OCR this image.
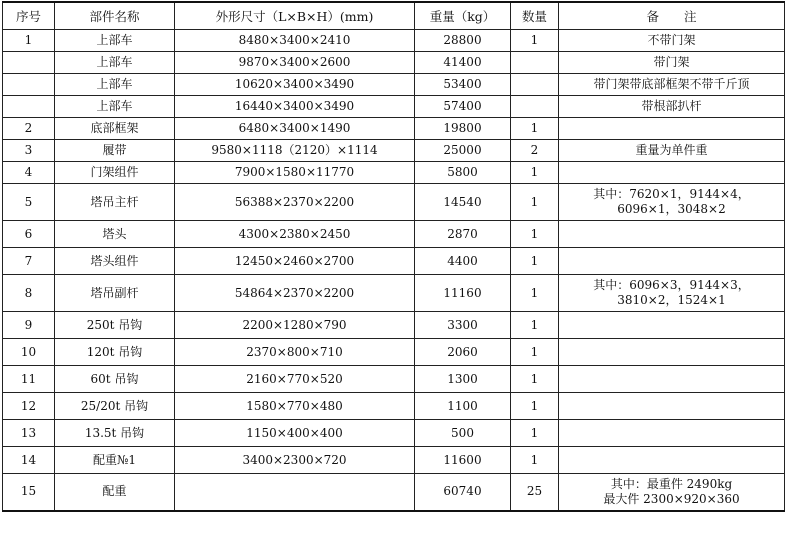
序号	部件名称	外形尺寸（L×B×H）(mm)	重量（kg）	数量	备　　注
1	上部车	8480×3400×2410	28800	1	不带门架

	上部车	9870×3400×2600	41400		带门架

	上部车	10620×3400×3490	53400		带门架带底部框架不带千斤顶

	上部车	16440×3400×3490	57400		带根部扒杆

2	底部框架	6480×3400×1490	19800	1	
3	履带	9580×1118（2120）×1114	25000	2	重量为单件重

4	门架组件	7900×1580×11770	5800	1	
5	塔吊主杆	56388×2370×2200	14540	1	其中：7620×1，9144×4，
6096×1，3048×2

6	塔头	4300×2380×2450	2870	1	
7	塔头组件	12450×2460×2700	4400	1	
8	塔吊副杆	54864×2370×2200	11160	1	其中：6096×3，9144×3，
3810×2，1524×1

9	250t 吊钩	2200×1280×790	3300	1	
10	120t 吊钩	2370×800×710	2060	1	
11	60t 吊钩	2160×770×520	1300	1	
12	25/20t 吊钩	1580×770×480	1100	1	
13	13.5t 吊钩	1150×400×400	500	1	
14	配重№1	3400×2300×720	11600	1	
15	配重		60740	25	其中：最重件 2490kg
最大件 2300×920×360
